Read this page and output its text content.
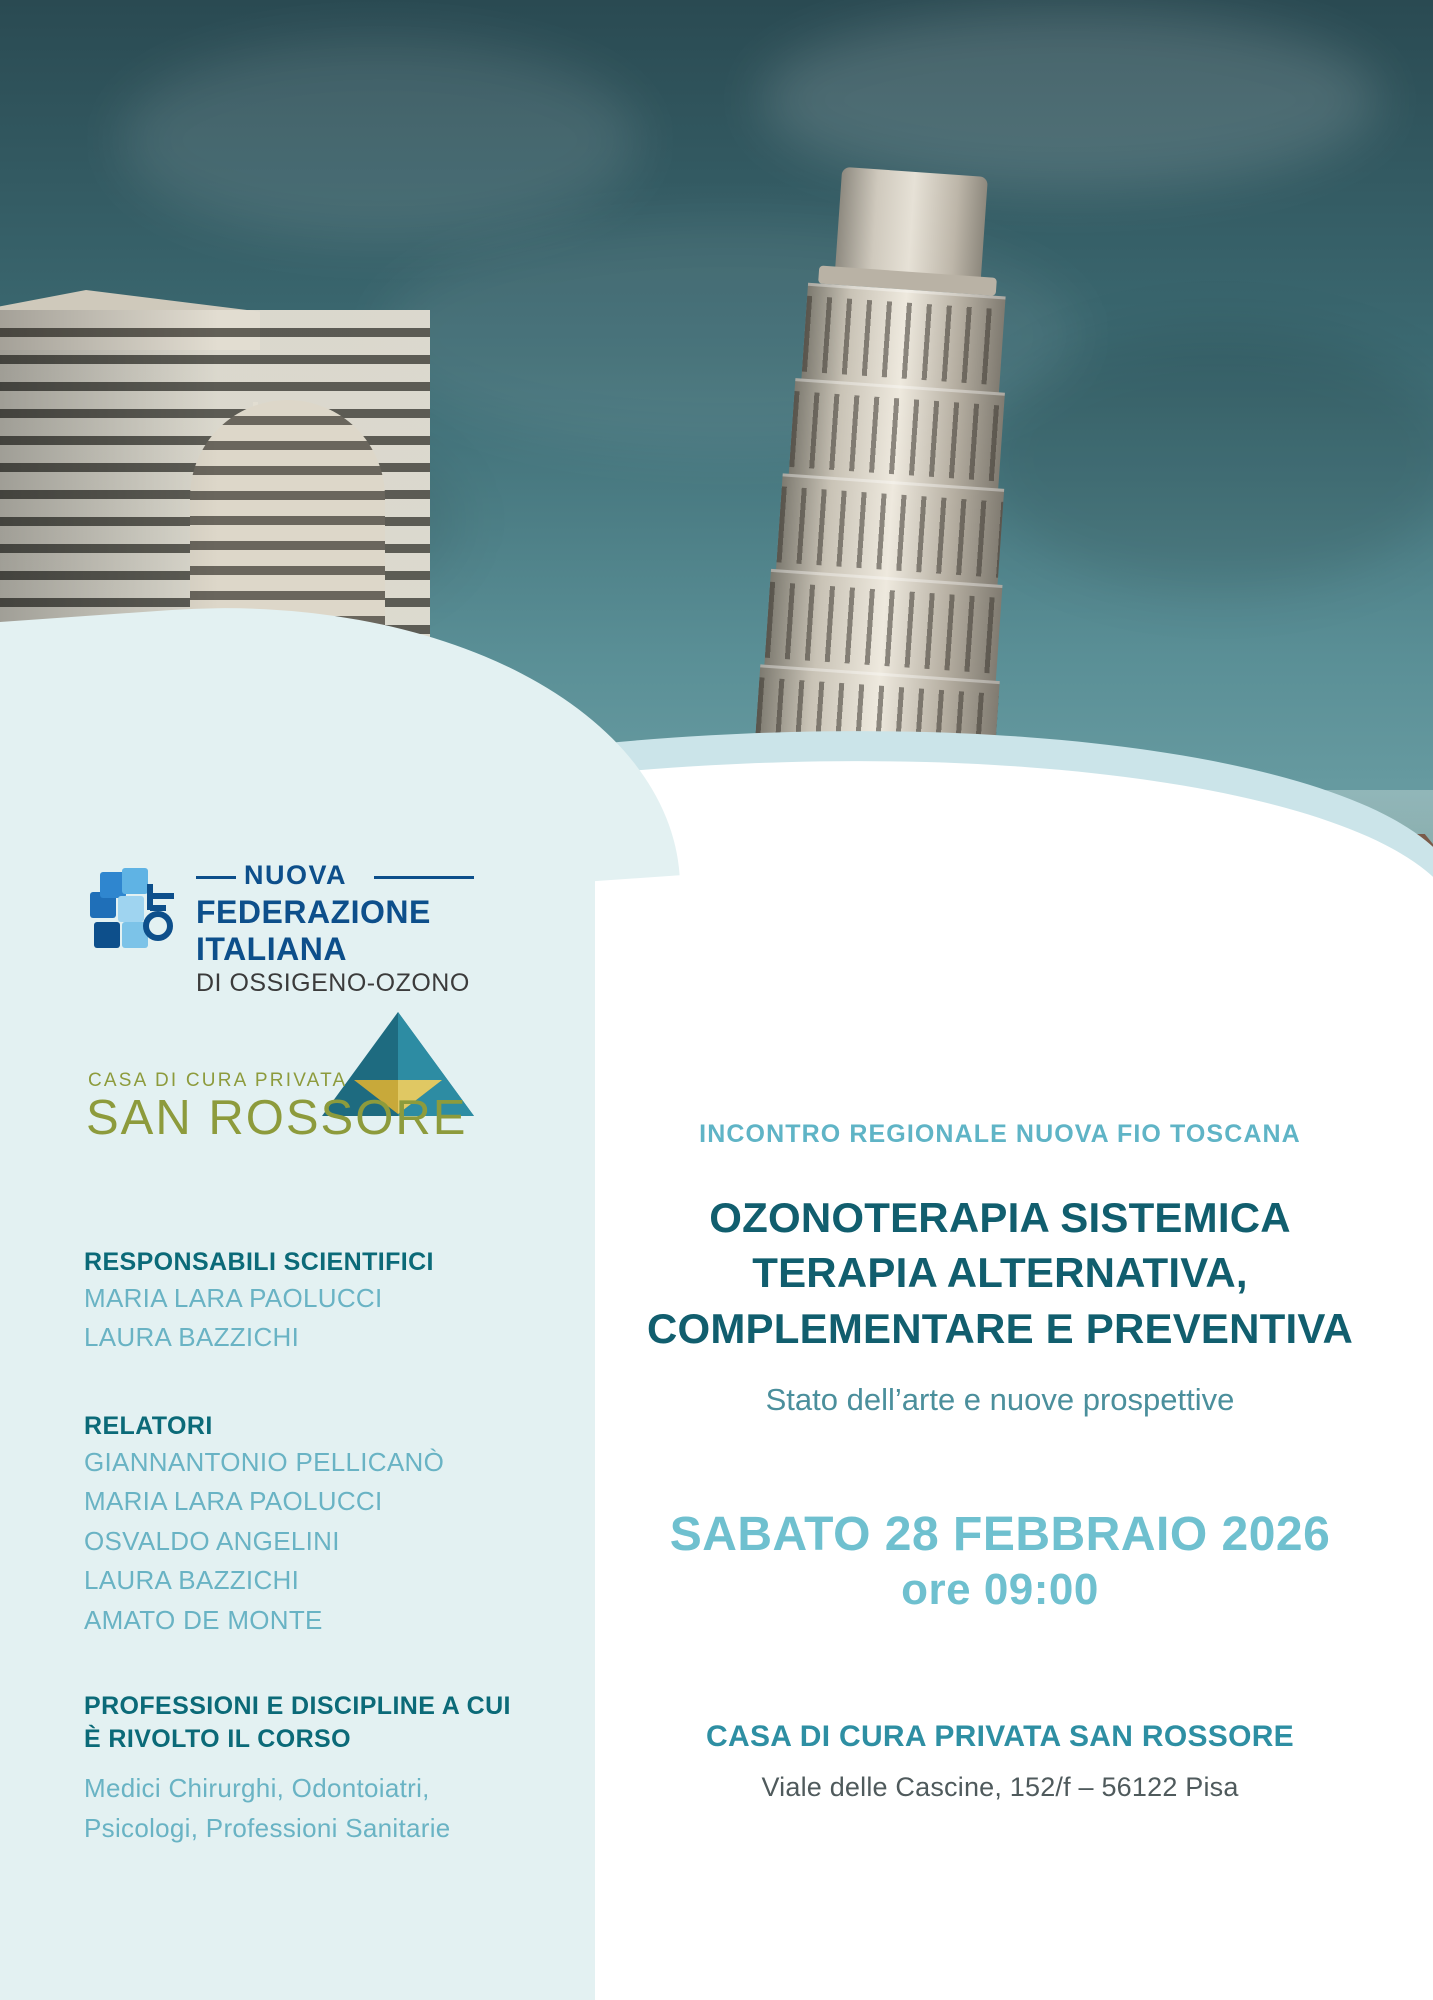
NUOVA
FEDERAZIONE ITALIANA
DI OSSIGENO-OZONO
CASA DI CURA PRIVATA
SAN ROSSORE
RESPONSABILI SCIENTIFICI
MARIA LARA PAOLUCCI
LAURA BAZZICHI
RELATORI
GIANNANTONIO PELLICANÒ
MARIA LARA PAOLUCCI
OSVALDO ANGELINI
LAURA BAZZICHI
AMATO DE MONTE
PROFESSIONI E DISCIPLINE A CUI
È RIVOLTO IL CORSO
Medici Chirurghi, Odontoiatri,
Psicologi, Professioni Sanitarie
INCONTRO REGIONALE NUOVA FIO TOSCANA
OZONOTERAPIA SISTEMICA
TERAPIA ALTERNATIVA,
COMPLEMENTARE E PREVENTIVA
Stato dell’arte e nuove prospettive
SABATO 28 FEBBRAIO 2026
ore 09:00
CASA DI CURA PRIVATA SAN ROSSORE
Viale delle Cascine, 152/f – 56122 Pisa
